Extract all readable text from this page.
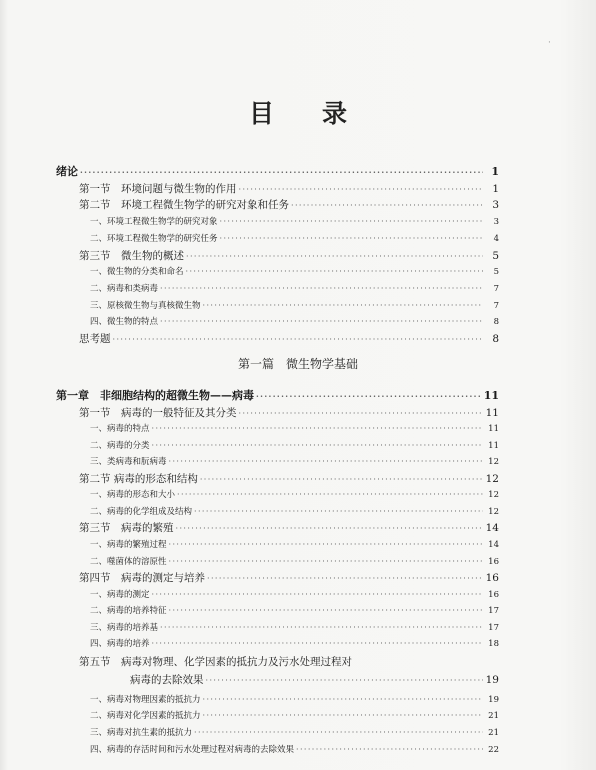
·
目录
绪论 ·····	1
第一节　环境问题与微生物的作用 ·····	1
第二节　环境工程微生物学的研究对象和任务 ·····	3
一、环境工程微生物学的研究对象 ·····	3
二、环境工程微生物学的研究任务 ·····	4
第三节　微生物的概述 ·····	5
一、微生物的分类和命名 ·····	5
二、病毒和类病毒 ·····	7
三、原核微生物与真核微生物 ·····	7
四、微生物的特点 ·····	8
思考题 ·····	8
第一篇　微生物学基础
第一章　非细胞结构的超微生物——病毒 ·····	11
第一节　病毒的一般特征及其分类 ·····	11
一、病毒的特点 ·····	11
二、病毒的分类 ·····	11
三、类病毒和朊病毒 ·····	12
第二节 病毒的形态和结构 ·····	12
一、病毒的形态和大小 ·····	12
二、病毒的化学组成及结构 ·····	12
第三节　病毒的繁殖 ·····	14
一、病毒的繁殖过程 ·····	14
二、噬菌体的溶原性 ·····	16
第四节　病毒的测定与培养 ·····	16
一、病毒的测定 ·····	16
二、病毒的培养特征 ·····	17
三、病毒的培养基 ·····	17
四、病毒的培养 ·····	18
第五节　病毒对物理、化学因素的抵抗力及污水处理过程对
病毒的去除效果 ·····	19
一、病毒对物理因素的抵抗力 ·····	19
二、病毒对化学因素的抵抗力 ·····	21
三、病毒对抗生素的抵抗力 ·····	21
四、病毒的存活时间和污水处理过程对病毒的去除效果 ·····	22
